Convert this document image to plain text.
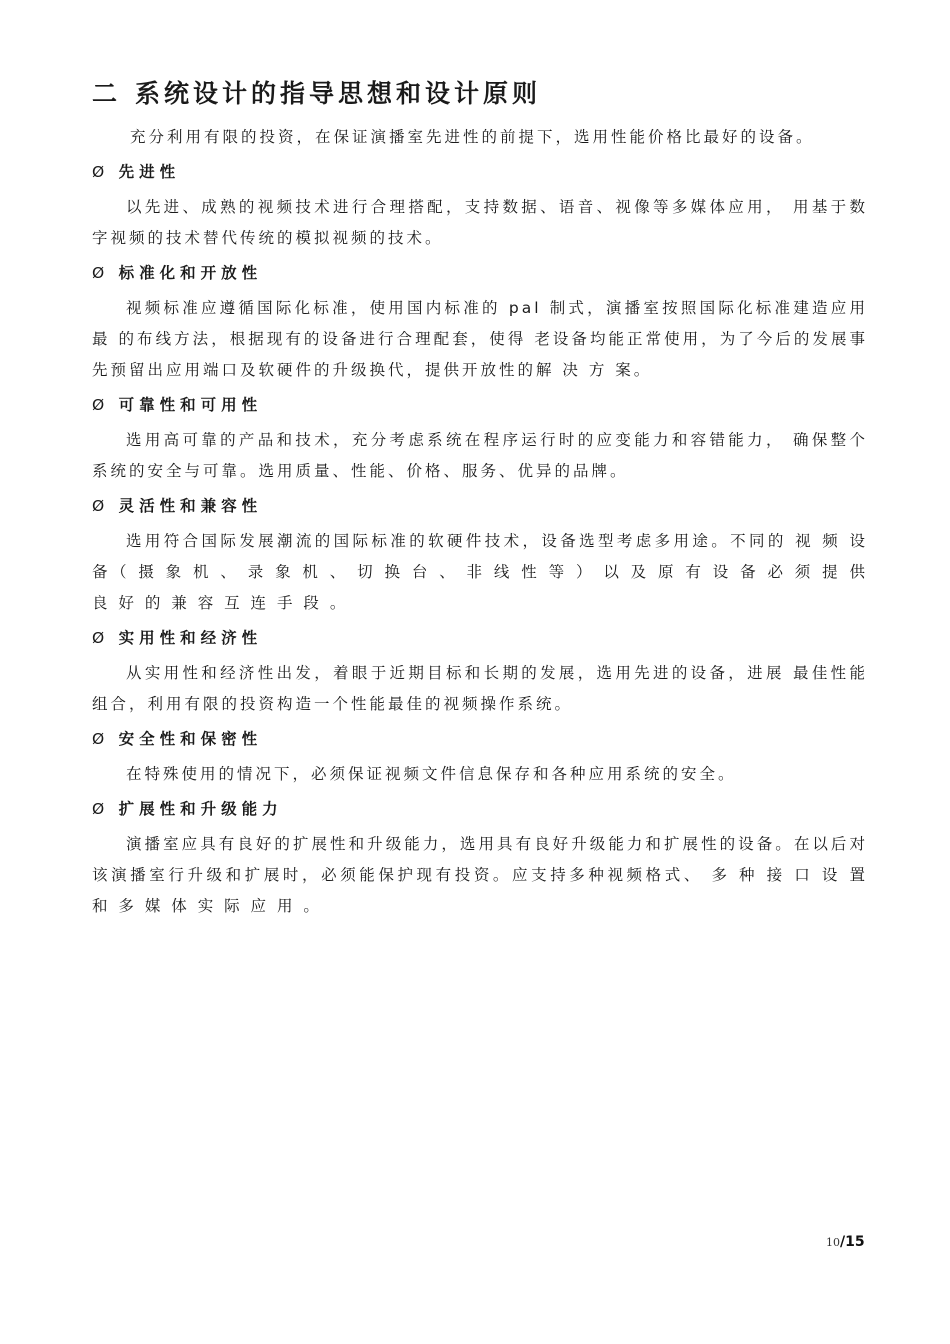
二 系统设计的指导思想和设计原则

充分利用有限的投资，在保证演播室先进性的前提下，选用性能价格比最好的设备。

Ø 先进性

以先进、成熟的视频技术进行合理搭配，支持数据、语音、视像等多媒体应用， 用基于数字视频的技术替代传统的模拟视频的技术。

Ø 标准化和开放性

视频标准应遵循国际化标准，使用国内标准的 pal 制式，演播室按照国际化标准建造应用最 的布线方法，根据现有的设备进行合理配套，使得 老设备均能正常使用，为了今后的发展事先预留出应用端口及软硬件的升级换代，提供开放性的解 决 方 案。

Ø 可靠性和可用性

选用高可靠的产品和技术，充分考虑系统在程序运行时的应变能力和容错能力， 确保整个系统的安全与可靠。选用质量、性能、价格、服务、优异的品牌。

Ø 灵活性和兼容性

选用符合国际发展潮流的国际标准的软硬件技术，设备选型考虑多用途。不同的 视 频 设 备（ 摄 象 机 、 录 象 机 、 切 换 台 、 非 线 性 等 ） 以 及 原 有 设 备 必 须 提 供 良 好 的 兼 容 互 连 手 段 。

Ø 实用性和经济性

从实用性和经济性出发，着眼于近期目标和长期的发展，选用先进的设备，进展 最佳性能组合，利用有限的投资构造一个性能最佳的视频操作系统。

Ø 安全性和保密性

在特殊使用的情况下，必须保证视频文件信息保存和各种应用系统的安全。

Ø 扩展性和升级能力

演播室应具有良好的扩展性和升级能力，选用具有良好升级能力和扩展性的设备。在以后对该演播室行升级和扩展时，必须能保护现有投资。应支持多种视频格式、 多 种 接 口 设 置 和 多 媒 体 实 际 应 用 。

10/15
